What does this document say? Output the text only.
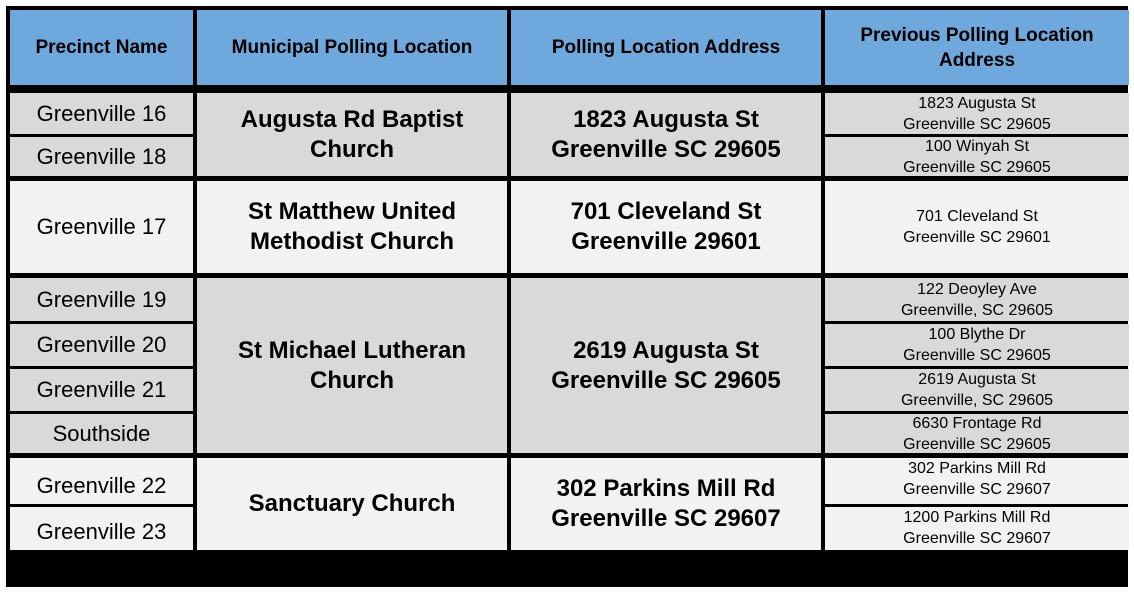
Precinct Name	Municipal Polling Location	Polling Location Address
Previous Polling Location Address
Greenville 16
Greenville 18
Augusta Rd Baptist Church
1823 Augusta St
Greenville SC 29605
1823 Augusta St
Greenville SC 29605
100 Winyah St
Greenville SC 29605
Greenville 17
St Matthew United Methodist Church
701 Cleveland St
Greenville 29601
701 Cleveland St
Greenville SC 29601
Greenville 19
Greenville 20
Greenville 21
Southside
St Michael Lutheran Church
2619 Augusta St
Greenville SC 29605
122 Deoyley Ave
Greenville, SC 29605
100 Blythe Dr
Greenville SC 29605
2619 Augusta St
Greenville, SC 29605
6630 Frontage Rd
Greenville SC 29605
Greenville 22
Greenville 23
Sanctuary Church
302 Parkins Mill Rd
Greenville SC 29607
302 Parkins Mill Rd
Greenville SC 29607
1200 Parkins Mill Rd
Greenville SC 29607
